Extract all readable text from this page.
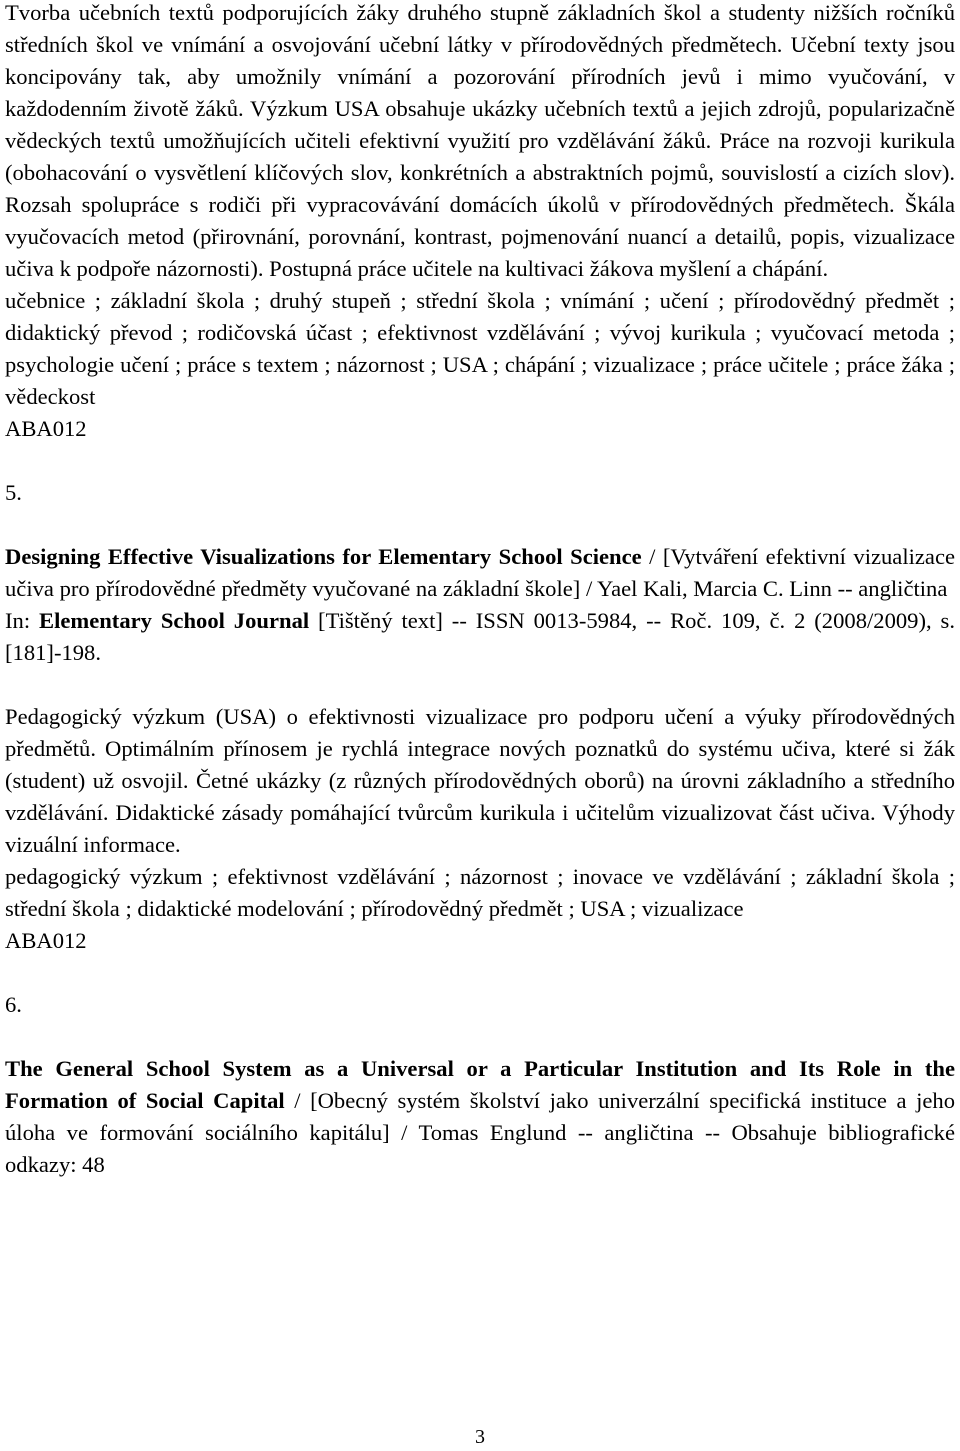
Tvorba učebních textů podporujících žáky druhého stupně základních škol a studenty nižších ročníků středních škol ve vnímání a osvojování učební látky v přírodovědných předmětech. Učební texty jsou koncipovány tak, aby umožnily vnímání a pozorování přírodních jevů i mimo vyučování, v každodenním životě žáků. Výzkum USA obsahuje ukázky učebních textů a jejich zdrojů, popularizačně vědeckých textů umožňujících učiteli efektivní využití pro vzdělávání žáků. Práce na rozvoji kurikula (obohacování o vysvětlení klíčových slov, konkrétních a abstraktních pojmů, souvislostí a cizích slov). Rozsah spolupráce s rodiči při vypracovávání domácích úkolů v přírodovědných předmětech. Škála vyučovacích metod (přirovnání, porovnání, kontrast, pojmenování nuancí a detailů, popis, vizualizace učiva k podpoře názornosti). Postupná práce učitele na kultivaci žákova myšlení a chápání.

učebnice ; základní škola ; druhý stupeň ; střední škola ; vnímání ; učení ; přírodovědný předmět ; didaktický převod ; rodičovská účast ; efektivnost vzdělávání ; vývoj kurikula ; vyučovací metoda ; psychologie učení ; práce s textem ; názornost ; USA ; chápání ; vizualizace ; práce učitele ; práce žáka ; vědeckost

ABA012

5.

Designing Effective Visualizations for Elementary School Science / [Vytváření efektivní vizualizace učiva pro přírodovědné předměty vyučované na základní škole] / Yael Kali, Marcia C. Linn -- angličtina

In: Elementary School Journal [Tištěný text] -- ISSN 0013-5984, -- Roč. 109, č. 2 (2008/2009), s. [181]-198.

Pedagogický výzkum (USA) o efektivnosti vizualizace pro podporu učení a výuky přírodovědných předmětů. Optimálním přínosem je rychlá integrace nových poznatků do systému učiva, které si žák (student) už osvojil. Četné ukázky (z různých přírodovědných oborů) na úrovni základního a středního vzdělávání. Didaktické zásady pomáhající tvůrcům kurikula i učitelům vizualizovat část učiva. Výhody vizuální informace.

pedagogický výzkum ; efektivnost vzdělávání ; názornost ; inovace ve vzdělávání ; základní škola ; střední škola ; didaktické modelování ; přírodovědný předmět ; USA ; vizualizace

ABA012

6.

The General School System as a Universal or a Particular Institution and Its Role in the Formation of Social Capital / [Obecný systém školství jako univerzální specifická instituce a jeho úloha ve formování sociálního kapitálu] / Tomas Englund -- angličtina -- Obsahuje bibliografické odkazy: 48

3
